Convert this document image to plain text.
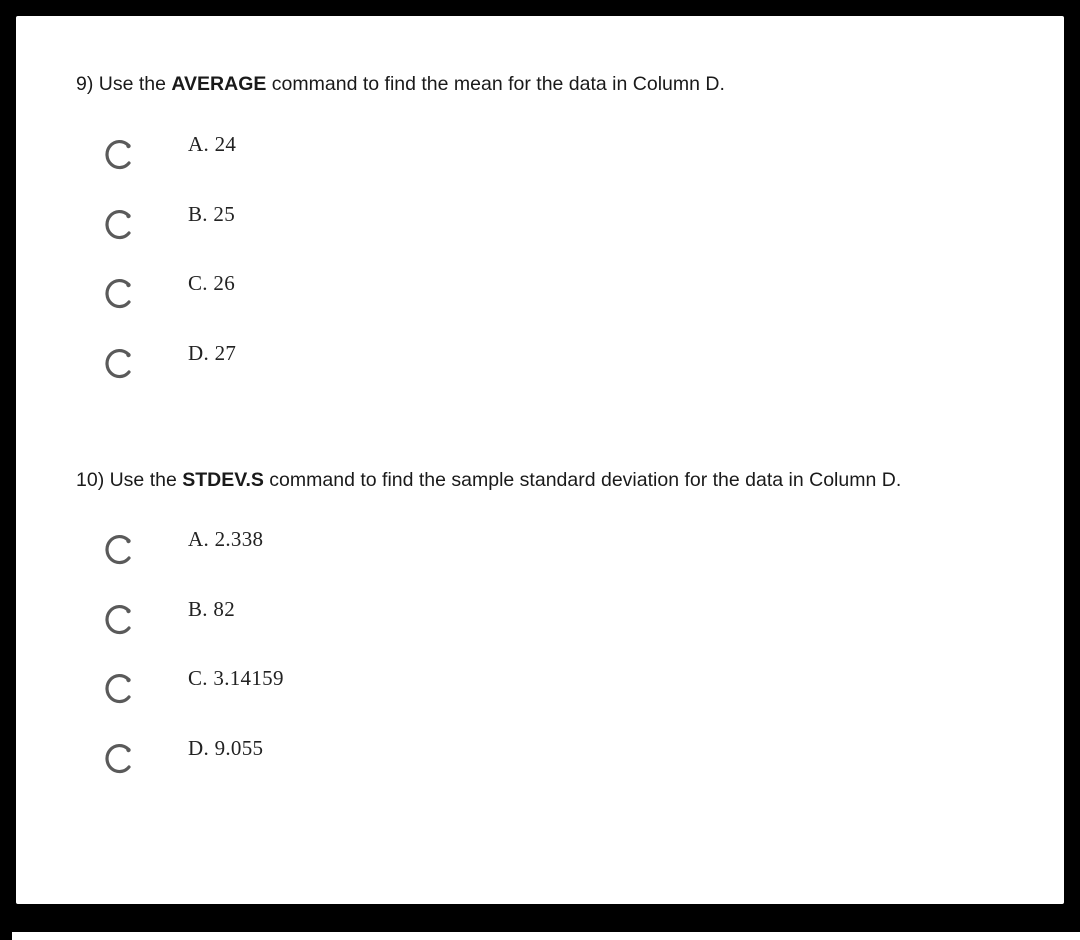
9) Use the AVERAGE command to find the mean for the data in Column D.
A. 24
B. 25
C. 26
D. 27
10) Use the STDEV.S command to find the sample standard deviation for the data in Column D.
A. 2.338
B. 82
C. 3.14159
D. 9.055
